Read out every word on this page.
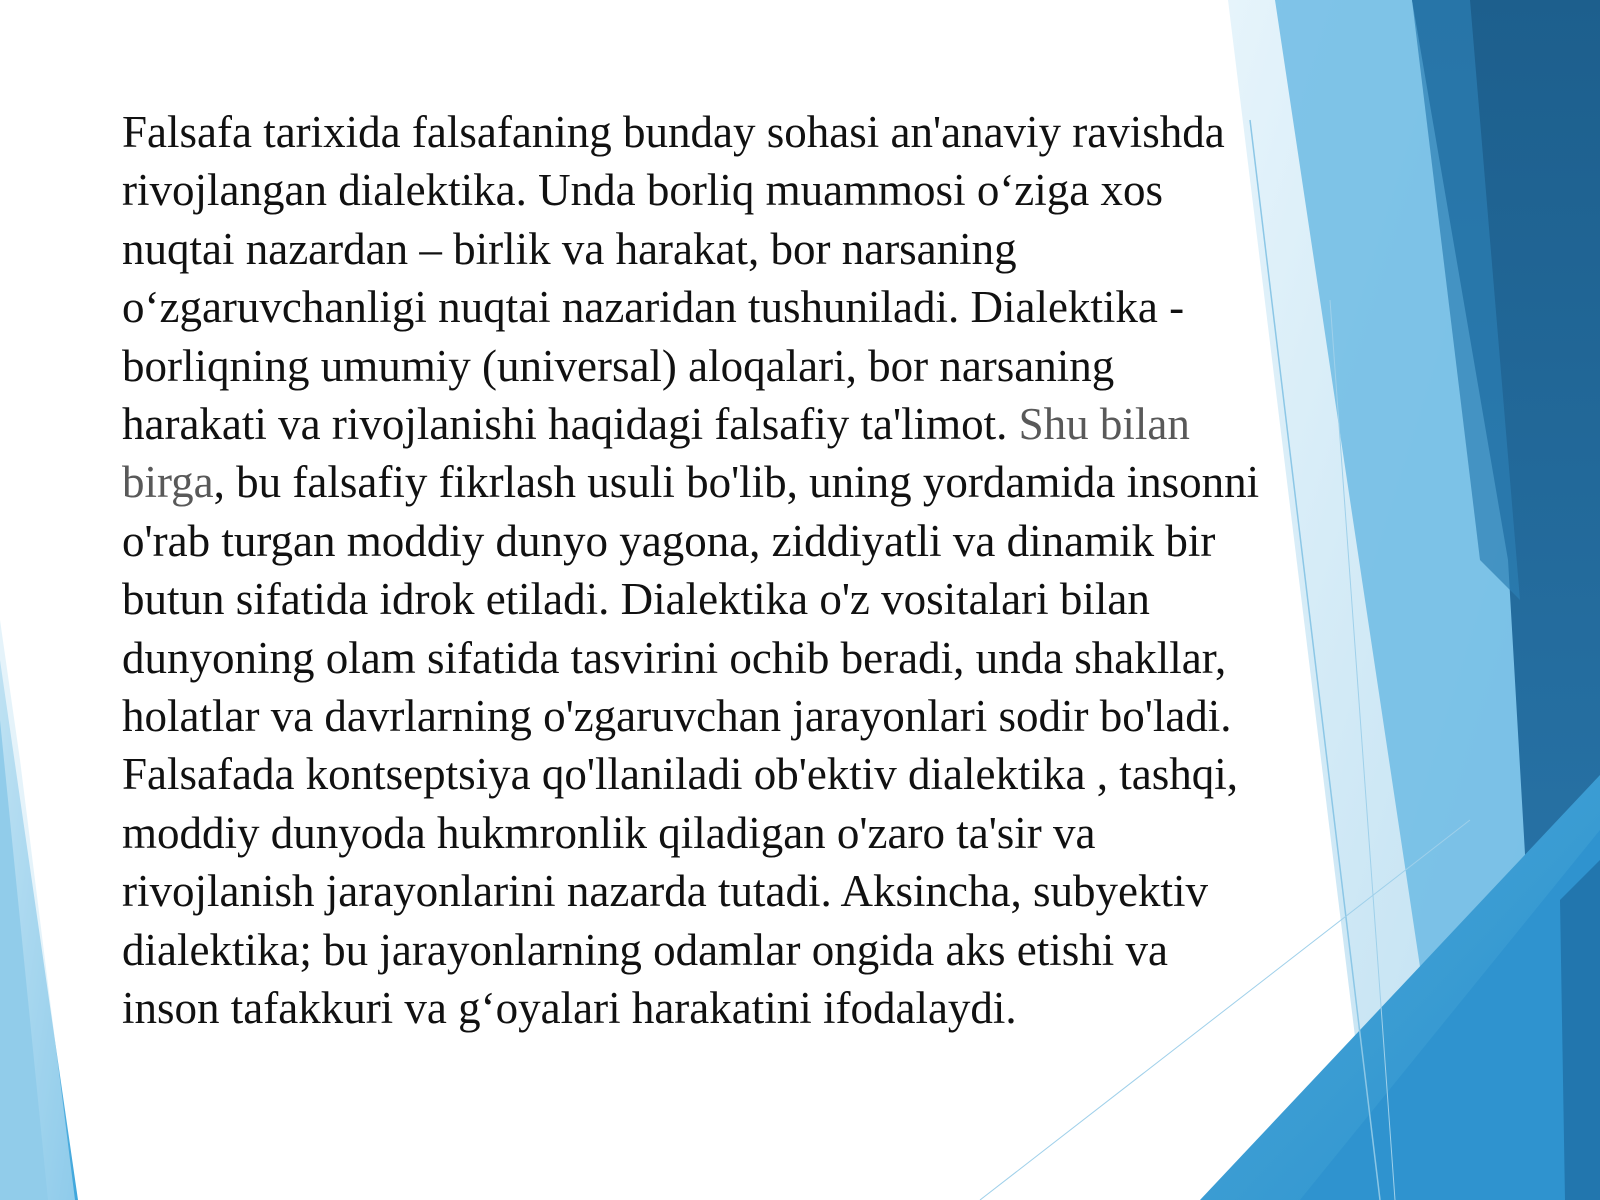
Falsafa tarixida falsafaning bunday sohasi an'anaviy ravishda
rivojlangan dialektika. Unda borliq muammosi o‘ziga xos
nuqtai nazardan – birlik va harakat, bor narsaning
o‘zgaruvchanligi nuqtai nazaridan tushuniladi. Dialektika -
borliqning umumiy (universal) aloqalari, bor narsaning
harakati va rivojlanishi haqidagi falsafiy ta'limot. Shu bilan
birga, bu falsafiy fikrlash usuli bo'lib, uning yordamida insonni
o'rab turgan moddiy dunyo yagona, ziddiyatli va dinamik bir
butun sifatida idrok etiladi. Dialektika o'z vositalari bilan
dunyoning olam sifatida tasvirini ochib beradi, unda shakllar,
holatlar va davrlarning o'zgaruvchan jarayonlari sodir bo'ladi.
Falsafada kontseptsiya qo'llaniladi ob'ektiv dialektika , tashqi,
moddiy dunyoda hukmronlik qiladigan o'zaro ta'sir va
rivojlanish jarayonlarini nazarda tutadi. Aksincha, subyektiv
dialektika; bu jarayonlarning odamlar ongida aks etishi va
inson tafakkuri va g‘oyalari harakatini ifodalaydi.
